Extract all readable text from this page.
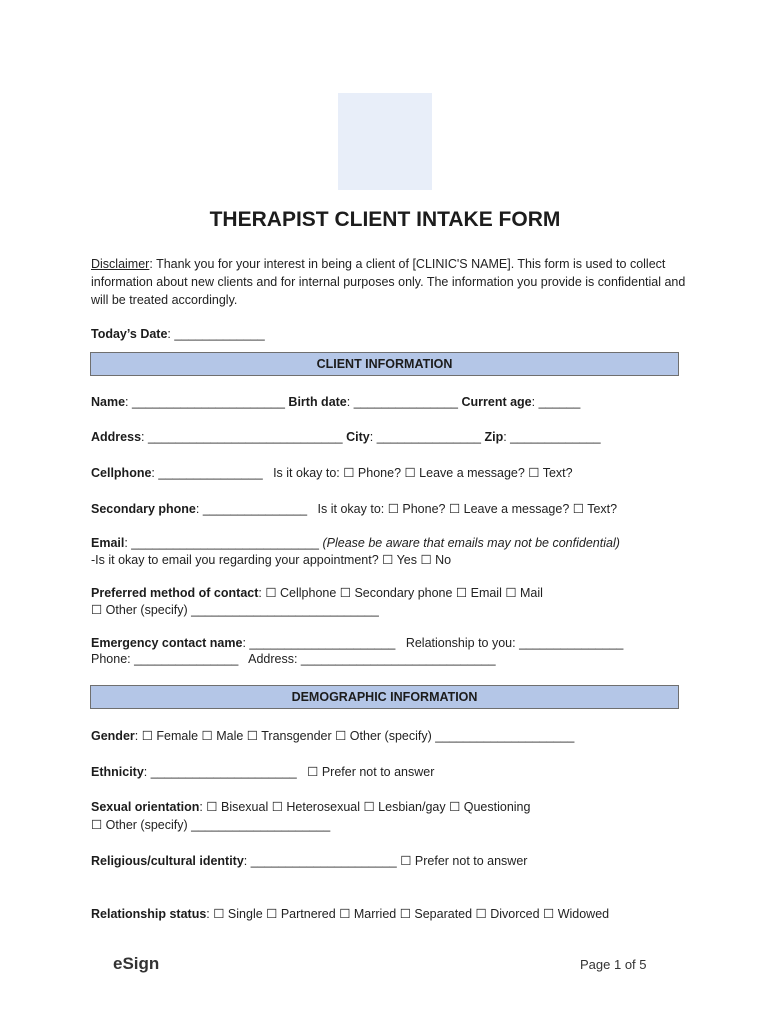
THERAPIST CLIENT INTAKE FORM
Disclaimer: Thank you for your interest in being a client of [CLINIC'S NAME]. This form is used to collect information about new clients and for internal purposes only. The information you provide is confidential and will be treated accordingly.
Today’s Date: _____________
CLIENT INFORMATION
Name: ______________________ Birth date: _______________ Current age: ______
Address: ____________________________ City: _______________ Zip: _____________
Cellphone: _______________ Is it okay to: ☐ Phone? ☐ Leave a message? ☐ Text?
Secondary phone: _______________ Is it okay to: ☐ Phone? ☐ Leave a message? ☐ Text?
Email: ___________________________ (Please be aware that emails may not be confidential)
-Is it okay to email you regarding your appointment? ☐ Yes ☐ No
Preferred method of contact: ☐ Cellphone ☐ Secondary phone ☐ Email ☐ Mail
☐ Other (specify) ___________________________
Emergency contact name: _____________________ Relationship to you: _______________
Phone: _______________ Address: ____________________________
DEMOGRAPHIC INFORMATION
Gender: ☐ Female ☐ Male ☐ Transgender ☐ Other (specify) ____________________
Ethnicity: _____________________ ☐ Prefer not to answer
Sexual orientation: ☐ Bisexual ☐ Heterosexual ☐ Lesbian/gay ☐ Questioning
☐ Other (specify) ____________________
Religious/cultural identity: _____________________ ☐ Prefer not to answer
Relationship status: ☐ Single ☐ Partnered ☐ Married ☐ Separated ☐ Divorced ☐ Widowed
eSign	Page 1 of 5
